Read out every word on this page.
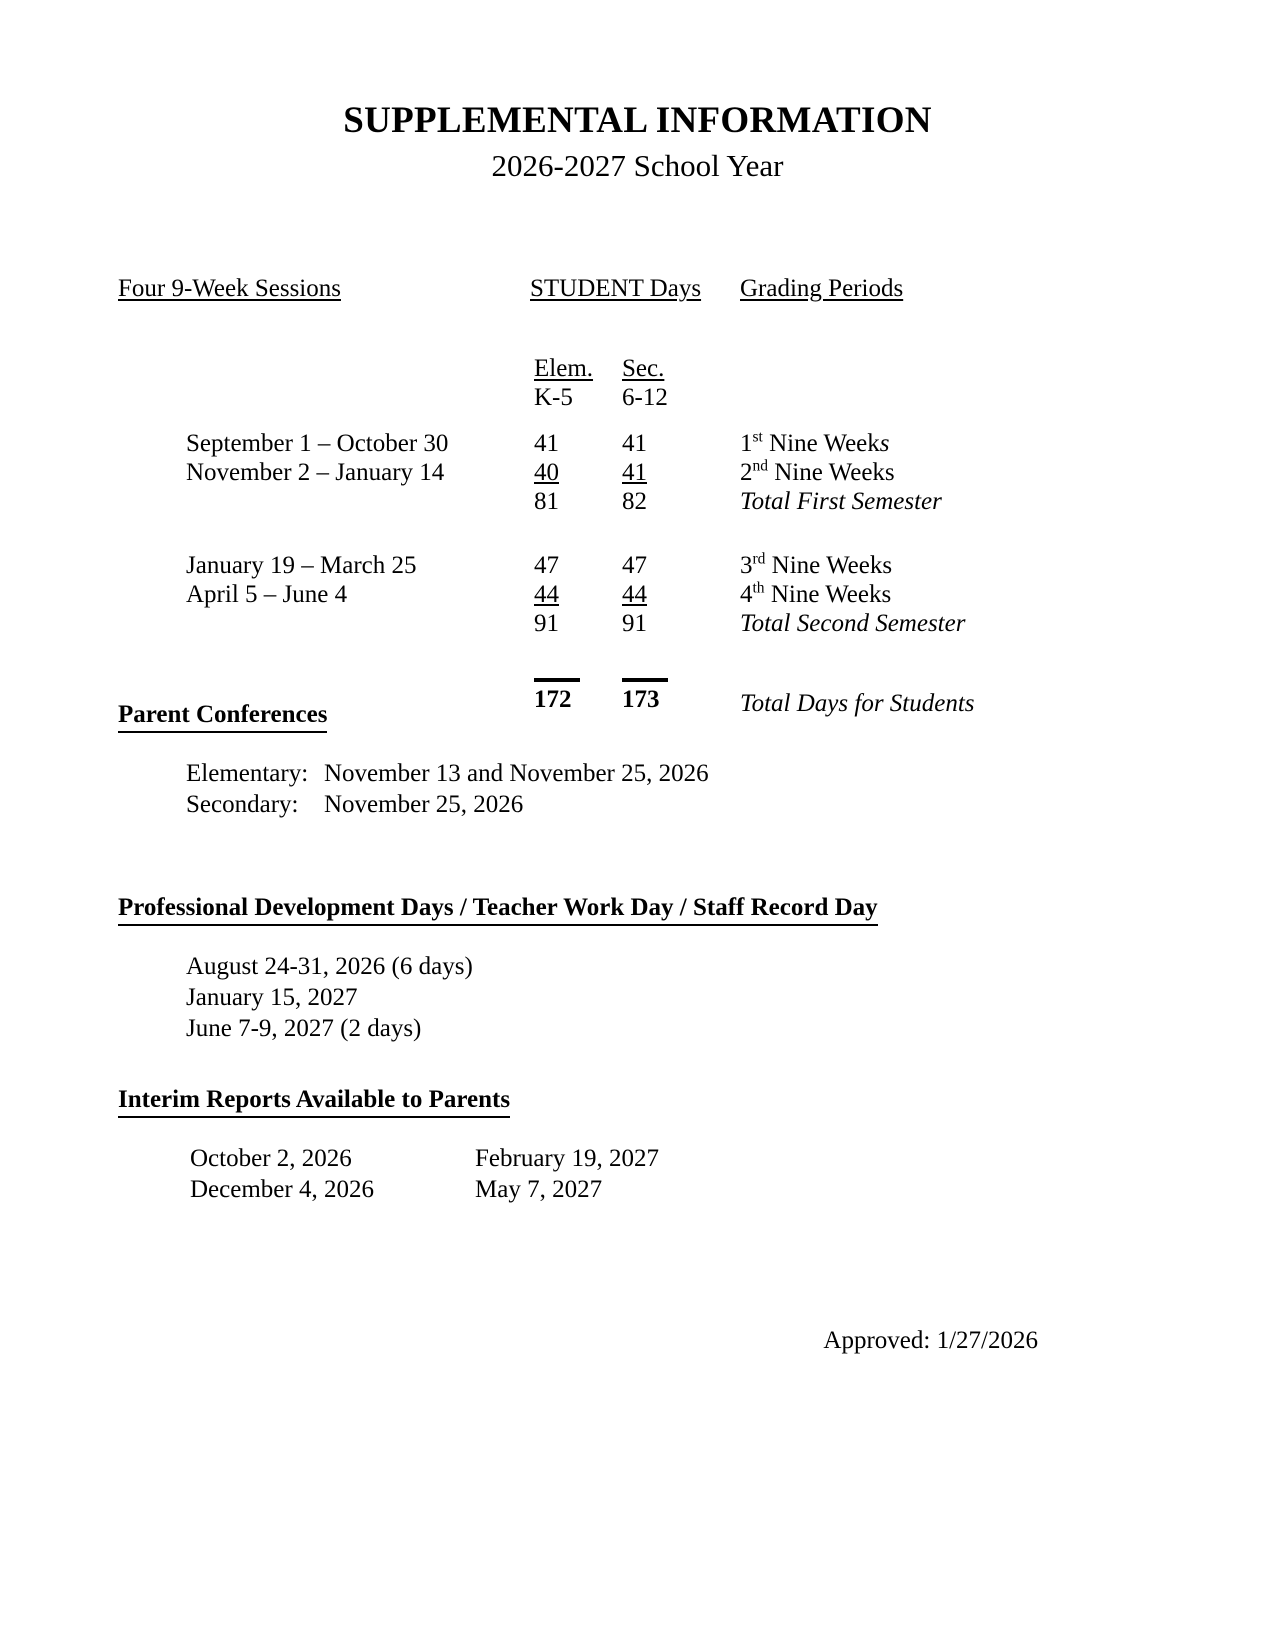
SUPPLEMENTAL INFORMATION
2026-2027 School Year
Four 9-Week Sessions	STUDENT Days		Grading Periods

	Elem.	Sec.	
	K-5	6-12	
September 1 – October 30	41	41	1st Nine Weeks
November 2 – January 14	40	41	2nd Nine Weeks
	81	82	Total First Semester

January 19 – March 25	47	47	3rd Nine Weeks
April 5 – June 4	44	44	4th Nine Weeks
	91	91	Total Second Semester

	172	173	Total Days for Students
Parent Conferences
Elementary: November 13 and November 25, 2026
Secondary: November 25, 2026
Professional Development Days / Teacher Work Day / Staff Record Day
August 24-31, 2026 (6 days)
January 15, 2027
June 7-9, 2027 (2 days)
Interim Reports Available to Parents
October 2, 2026	February 19, 2027
December 4, 2026	May 7, 2027
Approved: 1/27/2026
